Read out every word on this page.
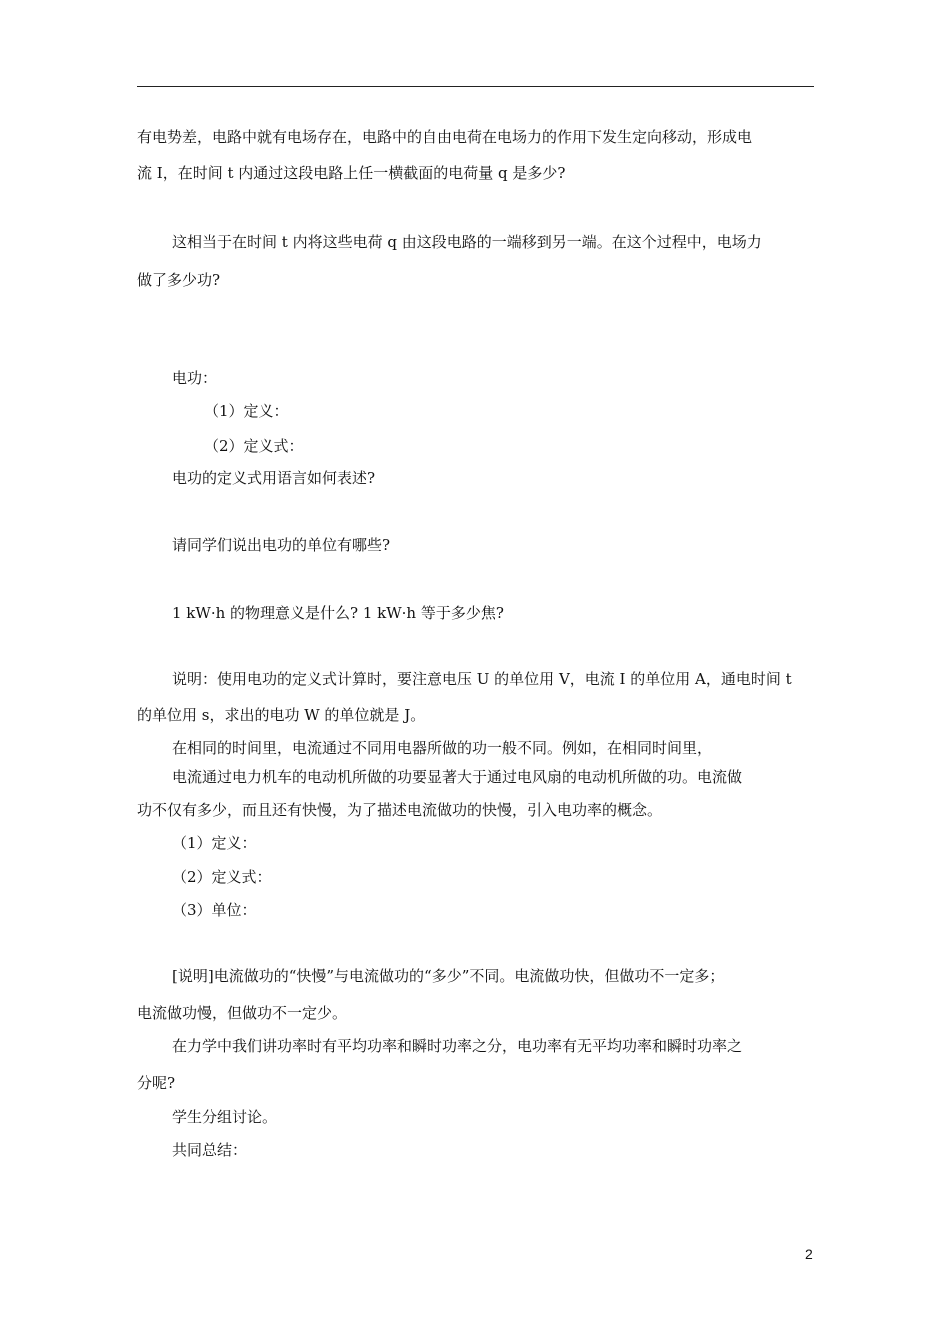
有电势差，电路中就有电场存在，电路中的自由电荷在电场力的作用下发生定向移动，形成电
流 I，在时间 t 内通过这段电路上任一横截面的电荷量 q 是多少?
这相当于在时间 t 内将这些电荷 q 由这段电路的一端移到另一端。在这个过程中，电场力
做了多少功?
电功：
（1）定义：
（2）定义式：
电功的定义式用语言如何表述?
请同学们说出电功的单位有哪些?
1 kW·h 的物理意义是什么? 1 kW·h 等于多少焦?
说明：使用电功的定义式计算时，要注意电压 U 的单位用 V，电流 I 的单位用 A，通电时间 t
的单位用 s，求出的电功 W 的单位就是 J。
在相同的时间里，电流通过不同用电器所做的功一般不同。例如，在相同时间里，
电流通过电力机车的电动机所做的功要显著大于通过电风扇的电动机所做的功。电流做
功不仅有多少，而且还有快慢，为了描述电流做功的快慢，引入电功率的概念。
（1）定义：
（2）定义式：
（3）单位：
[说明]电流做功的“快慢”与电流做功的“多少”不同。电流做功快，但做功不一定多；
电流做功慢，但做功不一定少。
在力学中我们讲功率时有平均功率和瞬时功率之分，电功率有无平均功率和瞬时功率之
分呢?
学生分组讨论。
共同总结：
2
